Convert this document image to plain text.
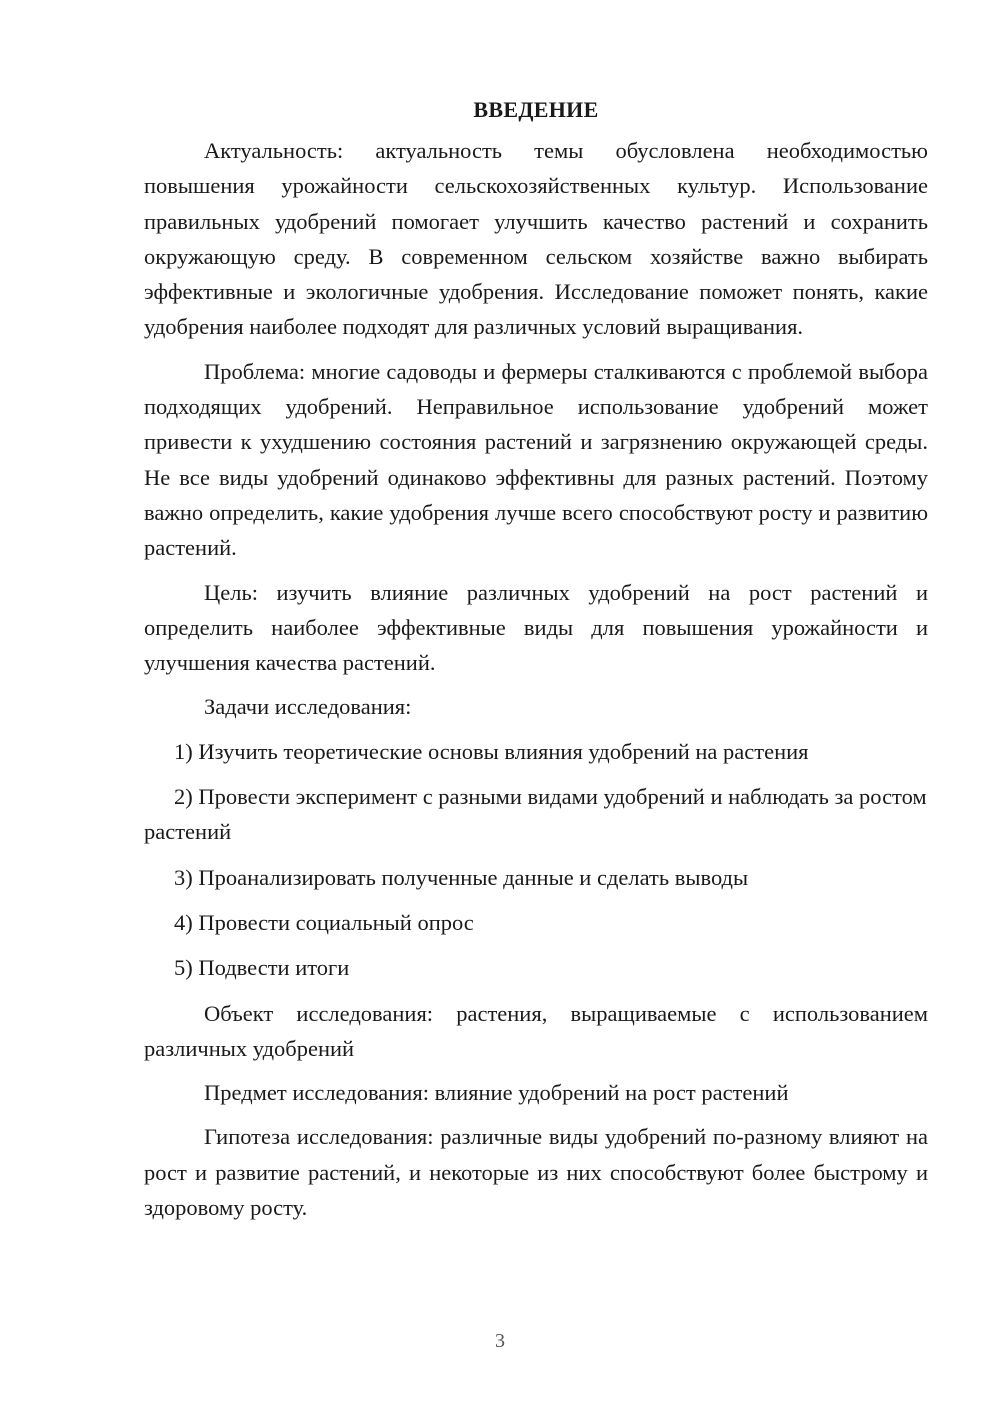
ВВЕДЕНИЕ

Актуальность: актуальность темы обусловлена необходимостью повышения урожайности сельскохозяйственных культур. Использование правильных удобрений помогает улучшить качество растений и сохранить окружающую среду. В современном сельском хозяйстве важно выбирать эффективные и экологичные удобрения. Исследование поможет понять, какие удобрения наиболее подходят для различных условий выращивания.

Проблема: многие садоводы и фермеры сталкиваются с проблемой выбора подходящих удобрений. Неправильное использование удобрений может привести к ухудшению состояния растений и загрязнению окружающей среды. Не все виды удобрений одинаково эффективны для разных растений. Поэтому важно определить, какие удобрения лучше всего способствуют росту и развитию растений.

Цель: изучить влияние различных удобрений на рост растений и определить наиболее эффективные виды для повышения урожайности и улучшения качества растений.

Задачи исследования:

1) Изучить теоретические основы влияния удобрений на растения

2) Провести эксперимент с разными видами удобрений и наблюдать за ростом растений

3) Проанализировать полученные данные и сделать выводы

4) Провести социальный опрос

5) Подвести итоги

Объект исследования: растения, выращиваемые с использованием различных удобрений

Предмет исследования: влияние удобрений на рост растений

Гипотеза исследования: различные виды удобрений по-разному влияют на рост и развитие растений, и некоторые из них способствуют более быстрому и здоровому росту.

3
